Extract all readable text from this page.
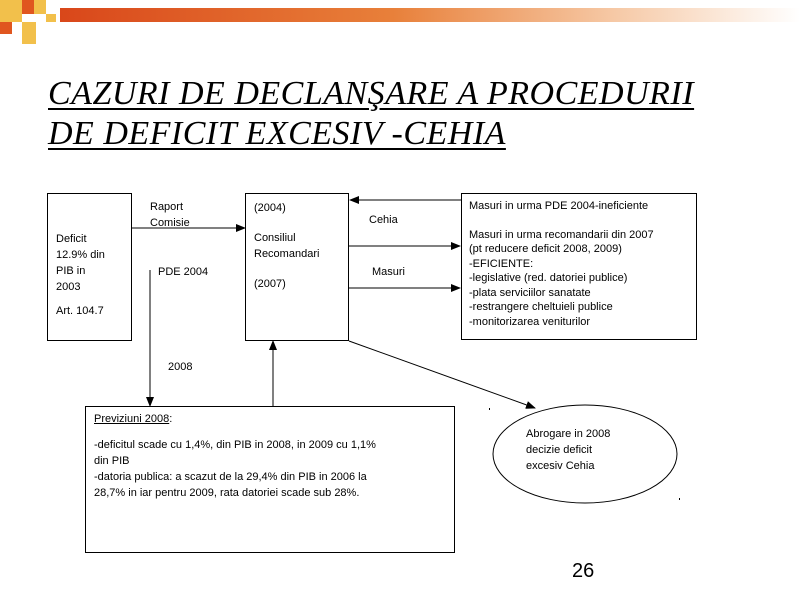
CAZURI DE DECLANŞARE A PROCEDURII
DE DEFICIT EXCESIV -CEHIA
Deficit
12.9% din
PIB in
2003
Art. 104.7
(2004)
Consiliul
Recomandari
(2007)
Masuri in urma PDE 2004-ineficiente
Masuri in urma recomandarii din 2007
(pt reducere deficit 2008, 2009)
-EFICIENTE:
-legislative (red. datoriei publice)
-plata serviciilor sanatate
-restrangere cheltuieli publice
-monitorizarea veniturilor
Previziuni 2008:
-deficitul scade cu 1,4%, din PIB in 2008, in 2009 cu 1,1%
din PIB
-datoria publica: a scazut de la 29,4% din PIB in 2006 la
28,7% in iar pentru 2009, rata datoriei scade sub 28%.
Abrogare in 2008
decizie deficit
excesiv Cehia
Raport
Comisie
PDE 2004
2008
Cehia
Masuri
26
